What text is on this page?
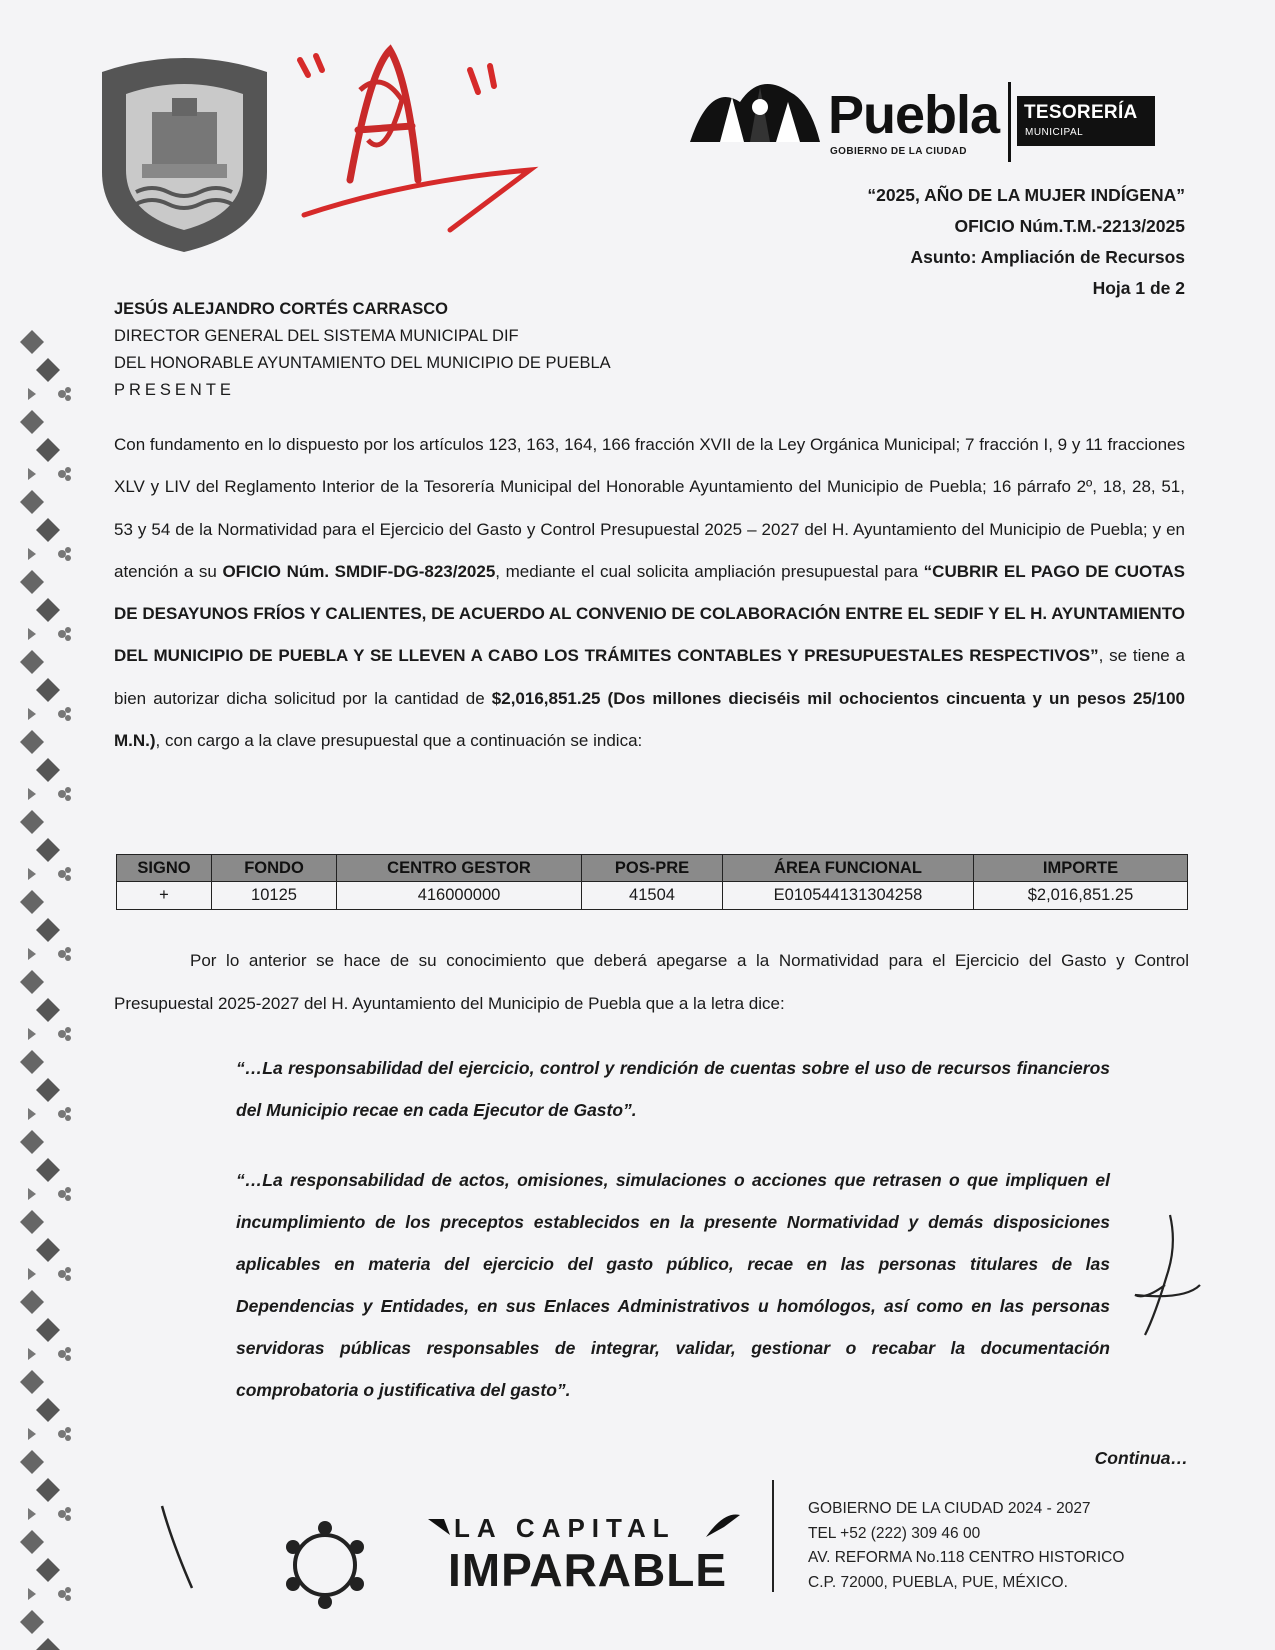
Puebla
GOBIERNO DE LA CIUDAD
TESORERÍA
MUNICIPAL
“2025, AÑO DE LA MUJER INDÍGENA”
OFICIO Núm.T.M.-2213/2025
Asunto: Ampliación de Recursos
Hoja 1 de 2
JESÚS ALEJANDRO CORTÉS CARRASCO
DIRECTOR GENERAL DEL SISTEMA MUNICIPAL DIF
DEL HONORABLE AYUNTAMIENTO DEL MUNICIPIO DE PUEBLA
PRESENTE
Con fundamento en lo dispuesto por los artículos 123, 163, 164, 166 fracción XVII de la Ley Orgánica Municipal; 7 fracción I, 9 y 11 fracciones XLV y LIV del Reglamento Interior de la Tesorería Municipal del Honorable Ayuntamiento del Municipio de Puebla; 16 párrafo 2º, 18, 28, 51, 53 y 54 de la Normatividad para el Ejercicio del Gasto y Control Presupuestal 2025 – 2027 del H. Ayuntamiento del Municipio de Puebla; y en atención a su OFICIO Núm. SMDIF-DG-823/2025, mediante el cual solicita ampliación presupuestal para “CUBRIR EL PAGO DE CUOTAS DE DESAYUNOS FRÍOS Y CALIENTES, DE ACUERDO AL CONVENIO DE COLABORACIÓN ENTRE EL SEDIF Y EL H. AYUNTAMIENTO DEL MUNICIPIO DE PUEBLA Y SE LLEVEN A CABO LOS TRÁMITES CONTABLES Y PRESUPUESTALES RESPECTIVOS”, se tiene a bien autorizar dicha solicitud por la cantidad de $2,016,851.25 (Dos millones dieciséis mil ochocientos cincuenta y un pesos 25/100 M.N.), con cargo a la clave presupuestal que a continuación se indica:
SIGNO	FONDO	CENTRO GESTOR	POS-PRE	ÁREA FUNCIONAL	IMPORTE
+	10125	416000000	41504	E010544131304258	$2,016,851.25
Por lo anterior se hace de su conocimiento que deberá apegarse a la Normatividad para el Ejercicio del Gasto y Control Presupuestal 2025-2027 del H. Ayuntamiento del Municipio de Puebla que a la letra dice:
“…La responsabilidad del ejercicio, control y rendición de cuentas sobre el uso de recursos financieros del Municipio recae en cada Ejecutor de Gasto”.
“…La responsabilidad de actos, omisiones, simulaciones o acciones que retrasen o que impliquen el incumplimiento de los preceptos establecidos en la presente Normatividad y demás disposiciones aplicables en materia del ejercicio del gasto público, recae en las personas titulares de las Dependencias y Entidades, en sus Enlaces Administrativos u homólogos, así como en las personas servidoras públicas responsables de integrar, validar, gestionar o recabar la documentación comprobatoria o justificativa del gasto”.
Continua…
LA CAPITAL
IMPARABLE
GOBIERNO DE LA CIUDAD 2024 - 2027
TEL +52 (222) 309 46 00
AV. REFORMA No.118 CENTRO HISTORICO
C.P. 72000, PUEBLA, PUE, MÉXICO.
